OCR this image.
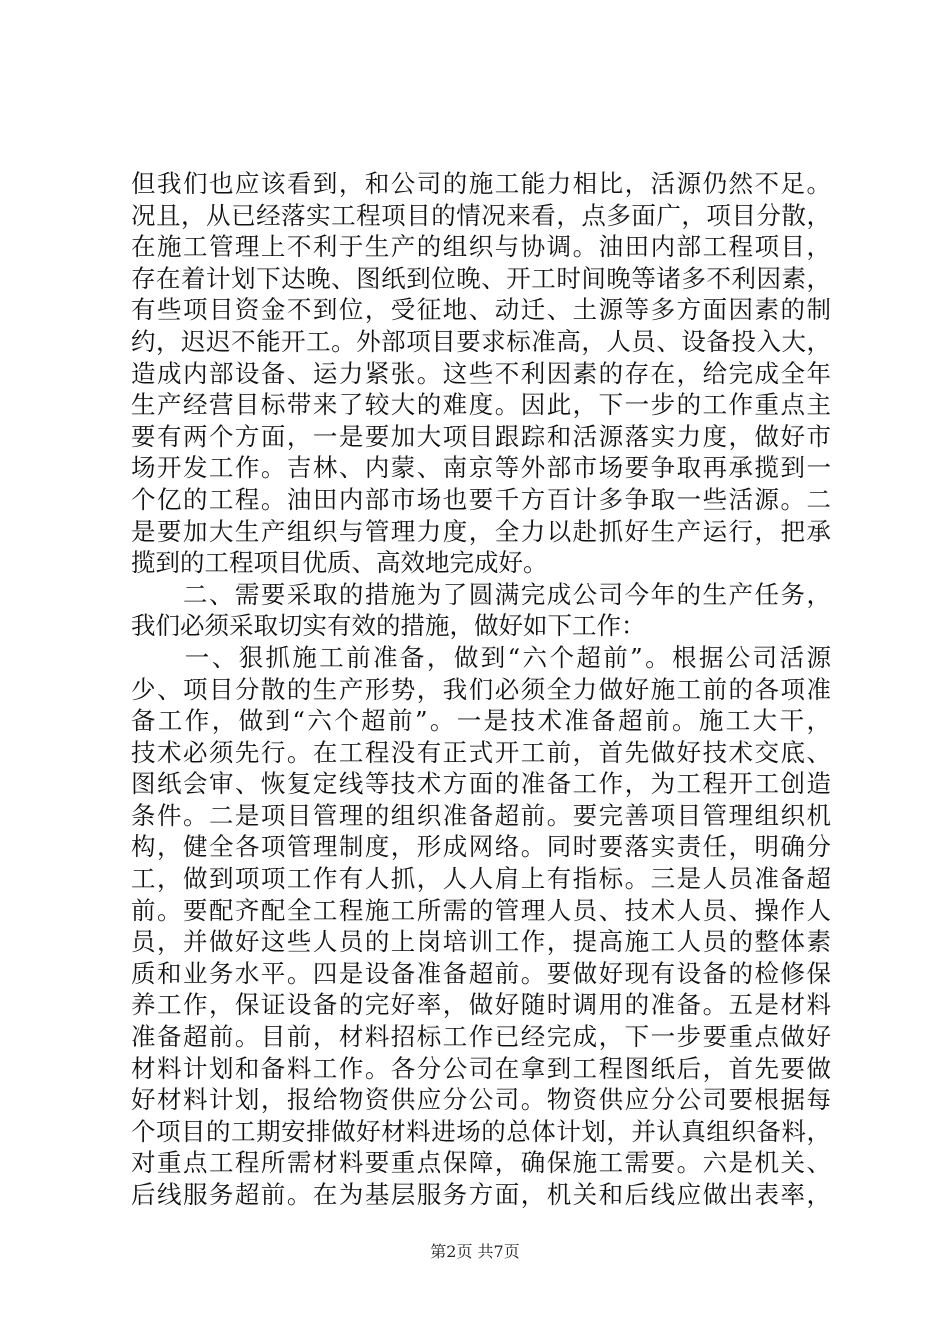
但我们也应该看到，和公司的施工能力相比，活源仍然不足。
况且，从已经落实工程项目的情况来看，点多面广，项目分散，
在施工管理上不利于生产的组织与协调。油田内部工程项目，
存在着计划下达晚、图纸到位晚、开工时间晚等诸多不利因素，
有些项目资金不到位，受征地、动迁、土源等多方面因素的制
约，迟迟不能开工。外部项目要求标准高，人员、设备投入大，
造成内部设备、运力紧张。这些不利因素的存在，给完成全年
生产经营目标带来了较大的难度。因此，下一步的工作重点主
要有两个方面，一是要加大项目跟踪和活源落实力度，做好市
场开发工作。吉林、内蒙、南京等外部市场要争取再承揽到一
个亿的工程。油田内部市场也要千方百计多争取一些活源。二
是要加大生产组织与管理力度，全力以赴抓好生产运行，把承
揽到的工程项目优质、高效地完成好。
　　二、需要采取的措施为了圆满完成公司今年的生产任务，
我们必须采取切实有效的措施，做好如下工作：
　　一、狠抓施工前准备，做到“六个超前”。根据公司活源
少、项目分散的生产形势，我们必须全力做好施工前的各项准
备工作，做到“六个超前”。一是技术准备超前。施工大干，
技术必须先行。在工程没有正式开工前，首先做好技术交底、
图纸会审、恢复定线等技术方面的准备工作，为工程开工创造
条件。二是项目管理的组织准备超前。要完善项目管理组织机
构，健全各项管理制度，形成网络。同时要落实责任，明确分
工，做到项项工作有人抓，人人肩上有指标。三是人员准备超
前。要配齐配全工程施工所需的管理人员、技术人员、操作人
员，并做好这些人员的上岗培训工作，提高施工人员的整体素
质和业务水平。四是设备准备超前。要做好现有设备的检修保
养工作，保证设备的完好率，做好随时调用的准备。五是材料
准备超前。目前，材料招标工作已经完成，下一步要重点做好
材料计划和备料工作。各分公司在拿到工程图纸后，首先要做
好材料计划，报给物资供应分公司。物资供应分公司要根据每
个项目的工期安排做好材料进场的总体计划，并认真组织备料，
对重点工程所需材料要重点保障，确保施工需要。六是机关、
后线服务超前。在为基层服务方面，机关和后线应做出表率，
第2页 共7页
